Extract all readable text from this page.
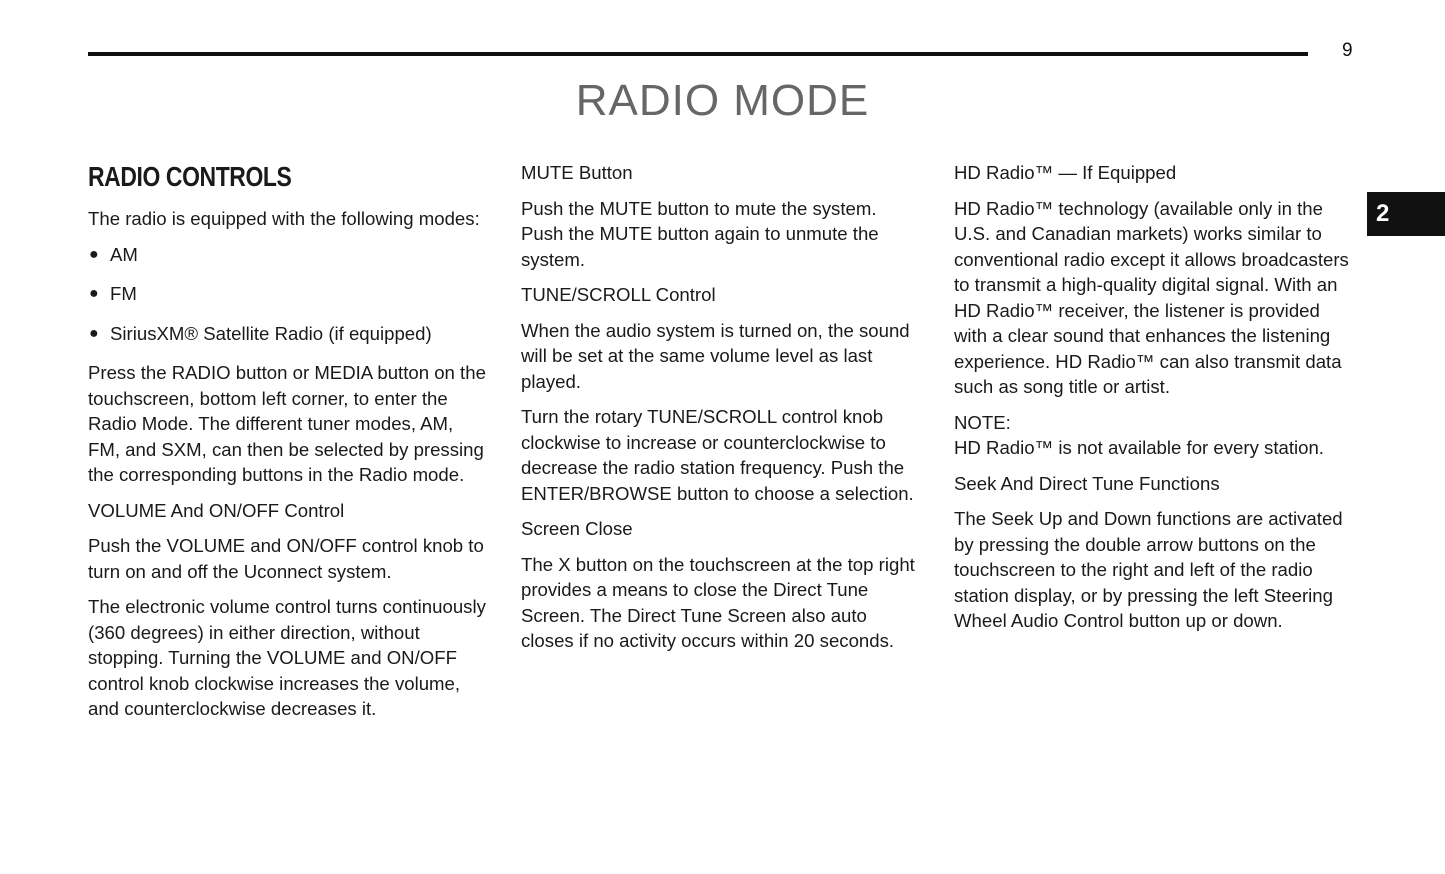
9
RADIO MODE
2
RADIO CONTROLS

The radio is equipped with the following modes:

● AM
● FM
● SiriusXM® Satellite Radio (if equipped)

Press the RADIO button or MEDIA button on the touchscreen, bottom left corner, to enter the Radio Mode. The different tuner modes, AM, FM, and SXM, can then be selected by pressing the corresponding buttons in the Radio mode.

VOLUME And ON/OFF Control

Push the VOLUME and ON/OFF control knob to turn on and off the Uconnect system.

The electronic volume control turns continuously (360 degrees) in either direction, without stopping. Turning the VOLUME and ON/OFF control knob clockwise increases the volume, and counterclockwise decreases it.

MUTE Button

Push the MUTE button to mute the system. Push the MUTE button again to unmute the system.

TUNE/SCROLL Control

When the audio system is turned on, the sound will be set at the same volume level as last played.

Turn the rotary TUNE/SCROLL control knob clockwise to increase or counterclockwise to decrease the radio station frequency. Push the ENTER/BROWSE button to choose a selection.

Screen Close

The X button on the touchscreen at the top right provides a means to close the Direct Tune Screen. The Direct Tune Screen also auto closes if no activity occurs within 20 seconds.

HD Radio™ — If Equipped

HD Radio™ technology (available only in the U.S. and Canadian markets) works similar to conventional radio except it allows broadcasters to transmit a high-quality digital signal. With an HD Radio™ receiver, the listener is provided with a clear sound that enhances the listening experience. HD Radio™ can also transmit data such as song title or artist.

NOTE:

HD Radio™ is not available for every station.

Seek And Direct Tune Functions

The Seek Up and Down functions are activated by pressing the double arrow buttons on the touchscreen to the right and left of the radio station display, or by pressing the left Steering Wheel Audio Control button up or down.
